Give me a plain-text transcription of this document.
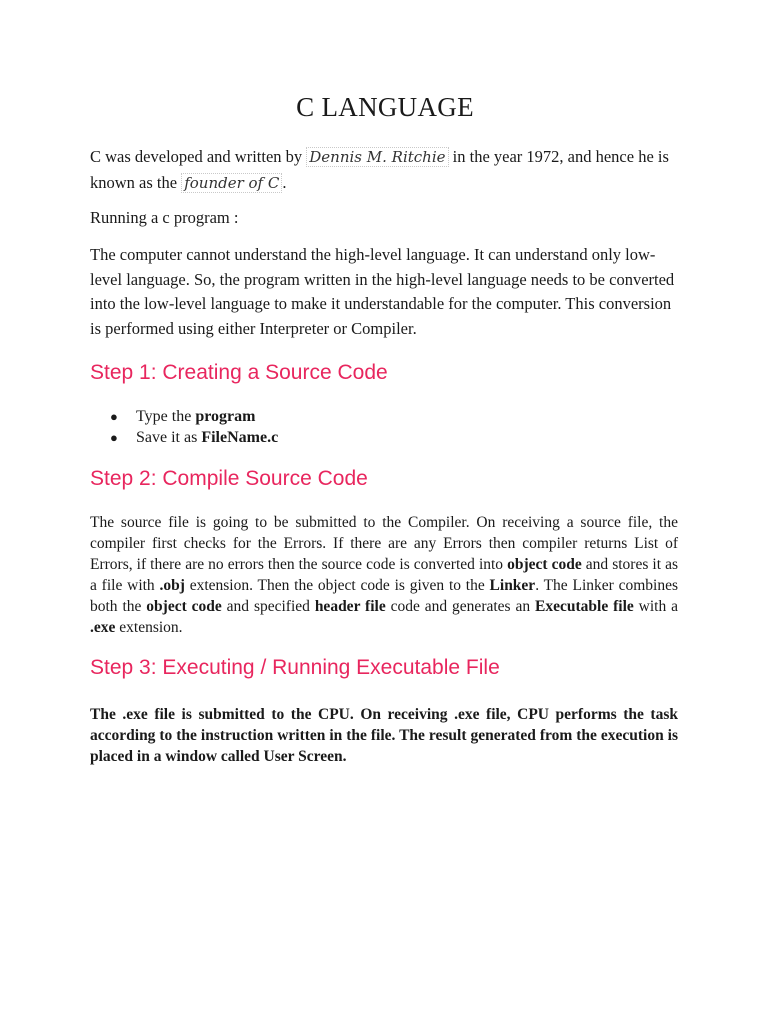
C LANGUAGE

C was developed and written by Dennis M. Ritchie in the year 1972, and hence he is known as the founder of C .

Running a c program :

The computer cannot understand the high-level language. It can understand only low-level language. So, the program written in the high-level language needs to be converted into the low-level language to make it understandable for the computer. This conversion is performed using either Interpreter or Compiler.

Step 1: Creating a Source Code
● Type the program
● Save it as FileName.c
Step 2: Compile Source Code

The source file is going to be submitted to the Compiler. On receiving a source file, the compiler first checks for the Errors. If there are any Errors then compiler returns List of Errors, if there are no errors then the source code is converted into object code and stores it as a file with .obj extension. Then the object code is given to the Linker. The Linker combines both the object code and specified header file code and generates an Executable file with a .exe extension.

Step 3: Executing / Running Executable File

The .exe file is submitted to the CPU. On receiving .exe file, CPU performs the task according to the instruction written in the file. The result generated from the execution is placed in a window called User Screen.
